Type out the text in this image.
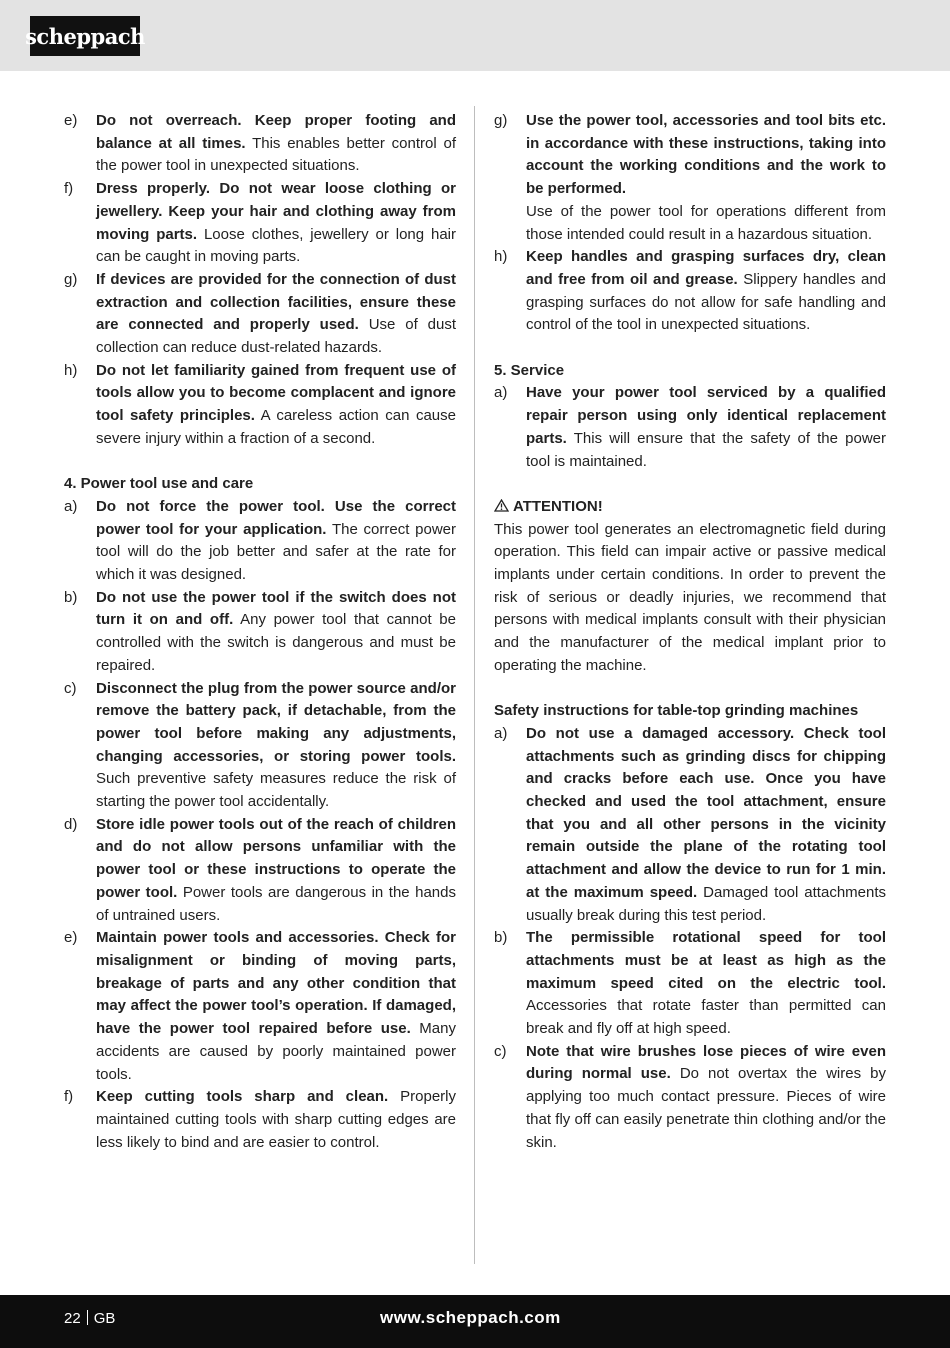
scheppach
e)	Do not overreach. Keep proper footing and balance at all times. This enables better control of the power tool in unexpected situations.
f)	Dress properly. Do not wear loose clothing or jewellery. Keep your hair and clothing away from moving parts. Loose clothes, jewellery or long hair can be caught in moving parts.
g)	If devices are provided for the connection of dust extraction and collection facilities, ensure these are connected and properly used. Use of dust collection can reduce dust-related hazards.
h)	Do not let familiarity gained from frequent use of tools allow you to become complacent and ignore tool safety principles. A careless action can cause severe injury within a fraction of a second.
4. Power tool use and care
a)	Do not force the power tool. Use the correct power tool for your application. The correct power tool will do the job better and safer at the rate for which it was designed.
b)	Do not use the power tool if the switch does not turn it on and off. Any power tool that cannot be controlled with the switch is dangerous and must be repaired.
c)	Disconnect the plug from the power source and/or remove the battery pack, if detachable, from the power tool before making any adjustments, changing accessories, or storing power tools. Such preventive safety measures reduce the risk of starting the power tool accidentally.
d)	Store idle power tools out of the reach of children and do not allow persons unfamiliar with the power tool or these instructions to operate the power tool. Power tools are dangerous in the hands of untrained users.
e)	Maintain power tools and accessories. Check for misalignment or binding of moving parts, breakage of parts and any other condition that may affect the power tool’s operation. If damaged, have the power tool repaired before use. Many accidents are caused by poorly maintained power tools.
f)	Keep cutting tools sharp and clean. Properly maintained cutting tools with sharp cutting edges are less likely to bind and are easier to control.
g)	Use the power tool, accessories and tool bits etc. in accordance with these instructions, taking into account the working conditions and the work to be performed.
Use of the power tool for operations different from those intended could result in a hazardous situation.
h)	Keep handles and grasping surfaces dry, clean and free from oil and grease. Slippery handles and grasping surfaces do not allow for safe handling and control of the tool in unexpected situations.
5. Service
a)	Have your power tool serviced by a qualified repair person using only identical replacement parts. This will ensure that the safety of the power tool is maintained.
ATTENTION!
This power tool generates an electromagnetic field during operation. This field can impair active or passive medical implants under certain conditions. In order to prevent the risk of serious or deadly injuries, we recommend that persons with medical implants consult with their physician and the manufacturer of the medical implant prior to operating the machine.
Safety instructions for table-top grinding machines
a)	Do not use a damaged accessory. Check tool attachments such as grinding discs for chipping and cracks before each use. Once you have checked and used the tool attachment, ensure that you and all other persons in the vicinity remain outside the plane of the rotating tool attachment and allow the device to run for 1 min. at the maximum speed. Damaged tool attachments usually break during this test period.
b)	The permissible rotational speed for tool attachments must be at least as high as the maximum speed cited on the electric tool. Accessories that rotate faster than permitted can break and fly off at high speed.
c)	Note that wire brushes lose pieces of wire even during normal use. Do not overtax the wires by applying too much contact pressure. Pieces of wire that fly off can easily penetrate thin clothing and/or the skin.
22 GB	www.scheppach.com
